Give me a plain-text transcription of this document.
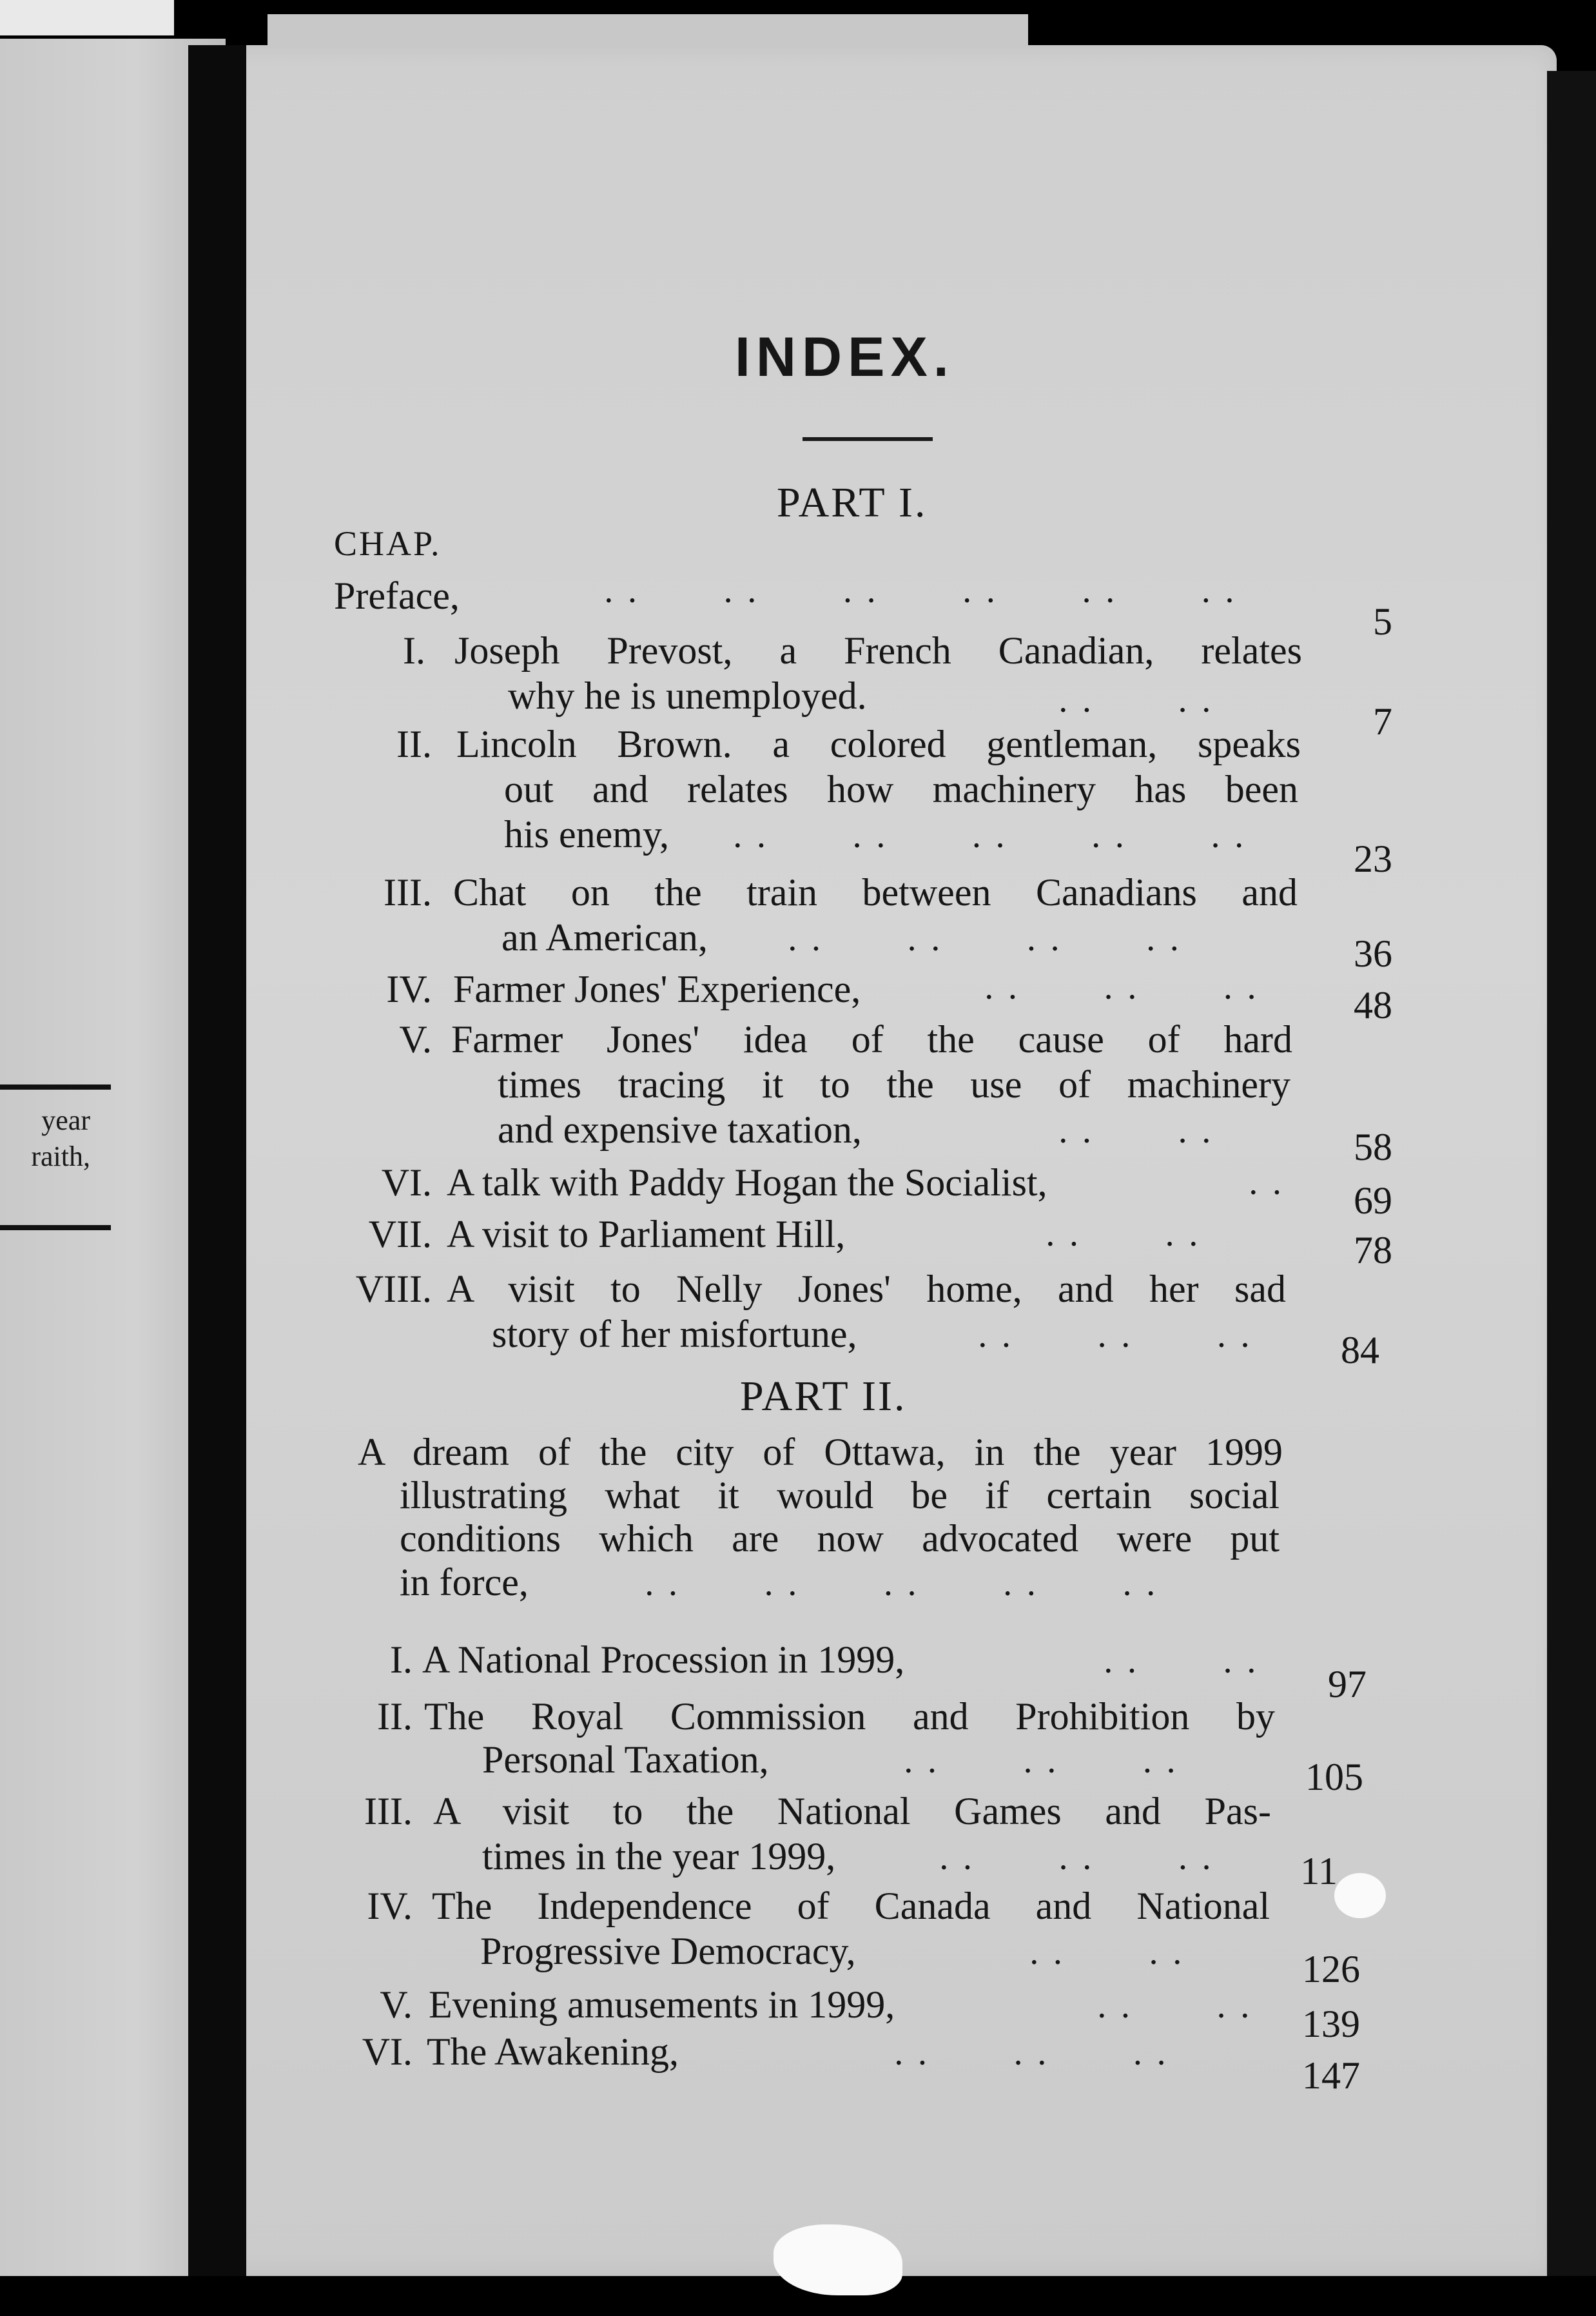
year
raith,
INDEX.
PART I.
CHAP.
Preface,	· ·        · ·        · ·        · ·        · ·        · ·	5
I. Joseph Prevost, a French Canadian, relates
why he is unemployed.	· ·        · ·	7
II. Lincoln Brown. a colored gentleman, speaks
out and relates how machinery has been
his enemy, · ·        · ·        · ·        · ·        · ·	23
III. Chat on the train between Canadians and
an American, · ·        · ·        · ·        · ·	36
IV. Farmer Jones' Experience,	· ·        · ·        · ·	48
V. Farmer Jones' idea of the cause of hard
times tracing it to the use of machinery
and expensive taxation,	· ·        · ·	58
VI. A talk with Paddy Hogan the Socialist,	· ·	69
VII. A visit to Parliament Hill,	· ·        · ·	78
VIII. A visit to Nelly Jones' home, and her sad
story of her misfortune,	· ·        · ·        · ·	84
PART II.
A dream of the city of Ottawa, in the year 1999
illustrating what it would be if certain social
conditions which are now advocated were put
in force,	· ·        · ·        · ·        · ·        · ·
I. A National Procession in 1999,	· ·        · ·	97
II. The Royal Commission and Prohibition by
Personal Taxation,	· ·        · ·        · ·	105
III. A visit to the National Games and Pas-
times in the year 1999,	· ·        · ·        · ·	11
IV. The Independence of Canada and National
Progressive Democracy,	· ·        · ·	126
V. Evening amusements in 1999,	· ·        · ·	139
VI. The Awakening,	· ·        · ·        · ·	147
